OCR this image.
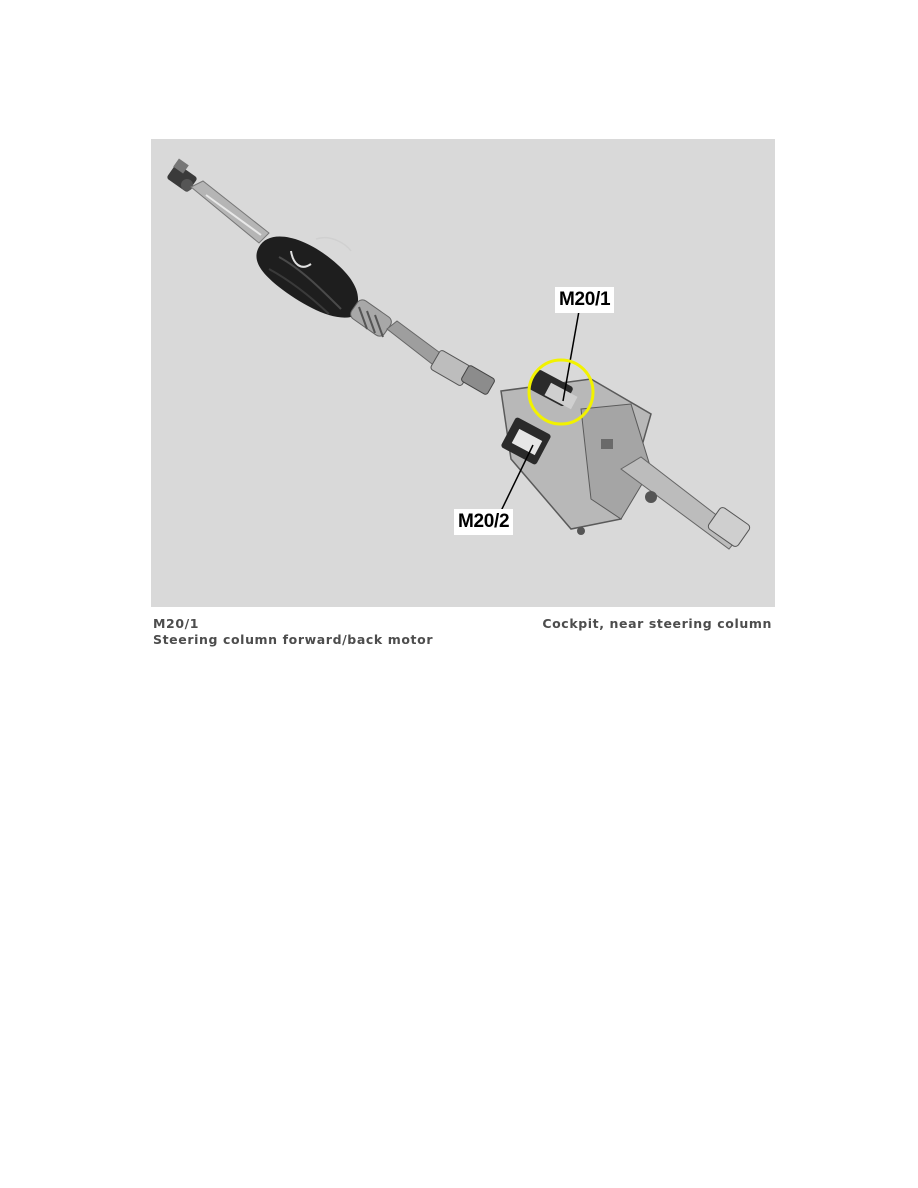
M20/1
M20/2
M20/1
Steering column forward/back motor
Cockpit, near steering column
